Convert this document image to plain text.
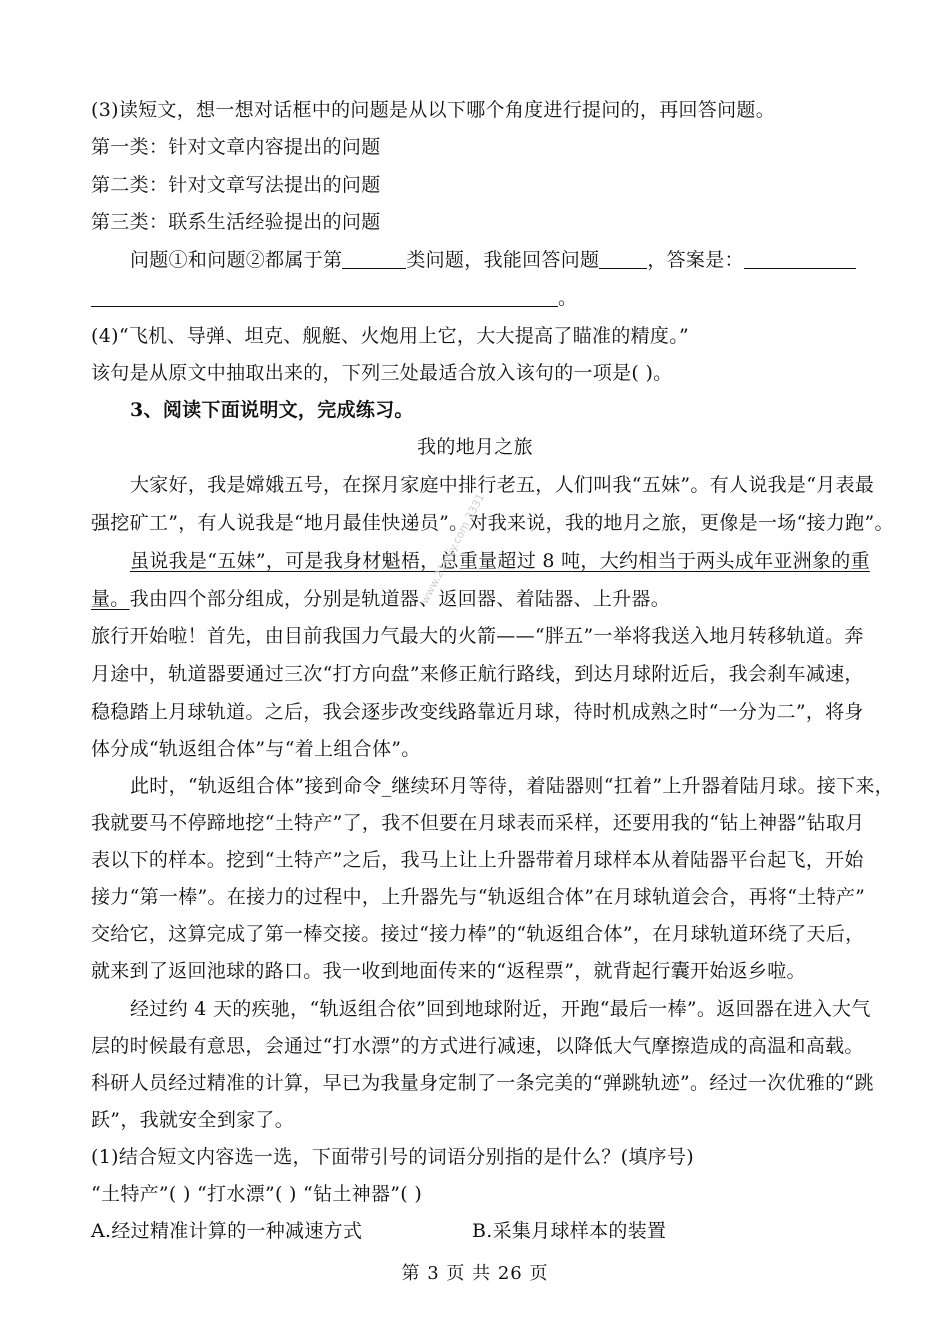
(3)读短文，想一想对话框中的问题是从以下哪个角度进行提问的，再回答问题。
第一类：针对文章内容提出的问题
第二类：针对文章写法提出的问题
第三类：联系生活经验提出的问题
问题①和问题②都属于第	类问题，我能回答问题	，答案是：
。
(4)“飞机、导弹、坦克、舰艇、火炮用上它，大大提高了瞄准的精度。”
该句是从原文中抽取出来的，下列三处最适合放入该句的一项是( )。
3、阅读下面说明文，完成练习。
我的地月之旅
大家好，我是嫦娥五号，在探月家庭中排行老五，人们叫我“五妹”。有人说我是“月表最
强挖矿工”，有人说我是“地月最佳快递员”。对我来说，我的地月之旅，更像是一场“接力跑”。
虽说我是“五妹”，可是我身材魁梧，总重量超过 8 吨，大约相当于两头成年亚洲象的重
量。我由四个部分组成，分别是轨道器、返回器、着陆器、上升器。
旅行开始啦！首先，由目前我国力气最大的火箭——“胖五”一举将我送入地月转移轨道。奔
月途中，轨道器要通过三次“打方向盘”来修正航行路线，到达月球附近后，我会刹车减速，
稳稳踏上月球轨道。之后，我会逐步改变线路靠近月球，待时机成熟之时“一分为二”，将身
体分成“轨返组合体”与“着上组合体”。
此时，“轨返组合体”接到命令_继续环月等待，着陆器则“扛着”上升器着陆月球。接下来，
我就要马不停蹄地挖“土特产”了，我不但要在月球表而采样，还要用我的“钻上神器”钻取月
表以下的样本。挖到“土特产”之后，我马上让上升器带着月球样本从着陆器平台起飞，开始
接力“第一棒”。在接力的过程中，上升器先与“轨返组合体”在月球轨道会合，再将“土特产”
交给它，这算完成了第一棒交接。接过“接力棒”的“轨返组合体”，在月球轨道环绕了天后，
就来到了返回池球的路口。我一收到地面传来的“返程票”，就背起行囊开始返乡啦。
经过约 4 天的疾驰，“轨返组合依”回到地球附近，开跑“最后一棒”。返回器在进入大气
层的时候最有意思，会通过“打水漂”的方式进行减速，以降低大气摩擦造成的高温和高载。
科研人员经过精准的计算，早已为我量身定制了一条完美的“弹跳轨迹”。经过一次优雅的“跳
跃”，我就安全到家了。
(1)结合短文内容选一选，下面带引号的词语分别指的是什么？(填序号)
“土特产”( ) “打水漂”( ) “钻土神器”( )
A.经过精准计算的一种减速方式	B.采集月球样本的装置
第 3 页 共 26 页
www.21cnjy.com 3331
